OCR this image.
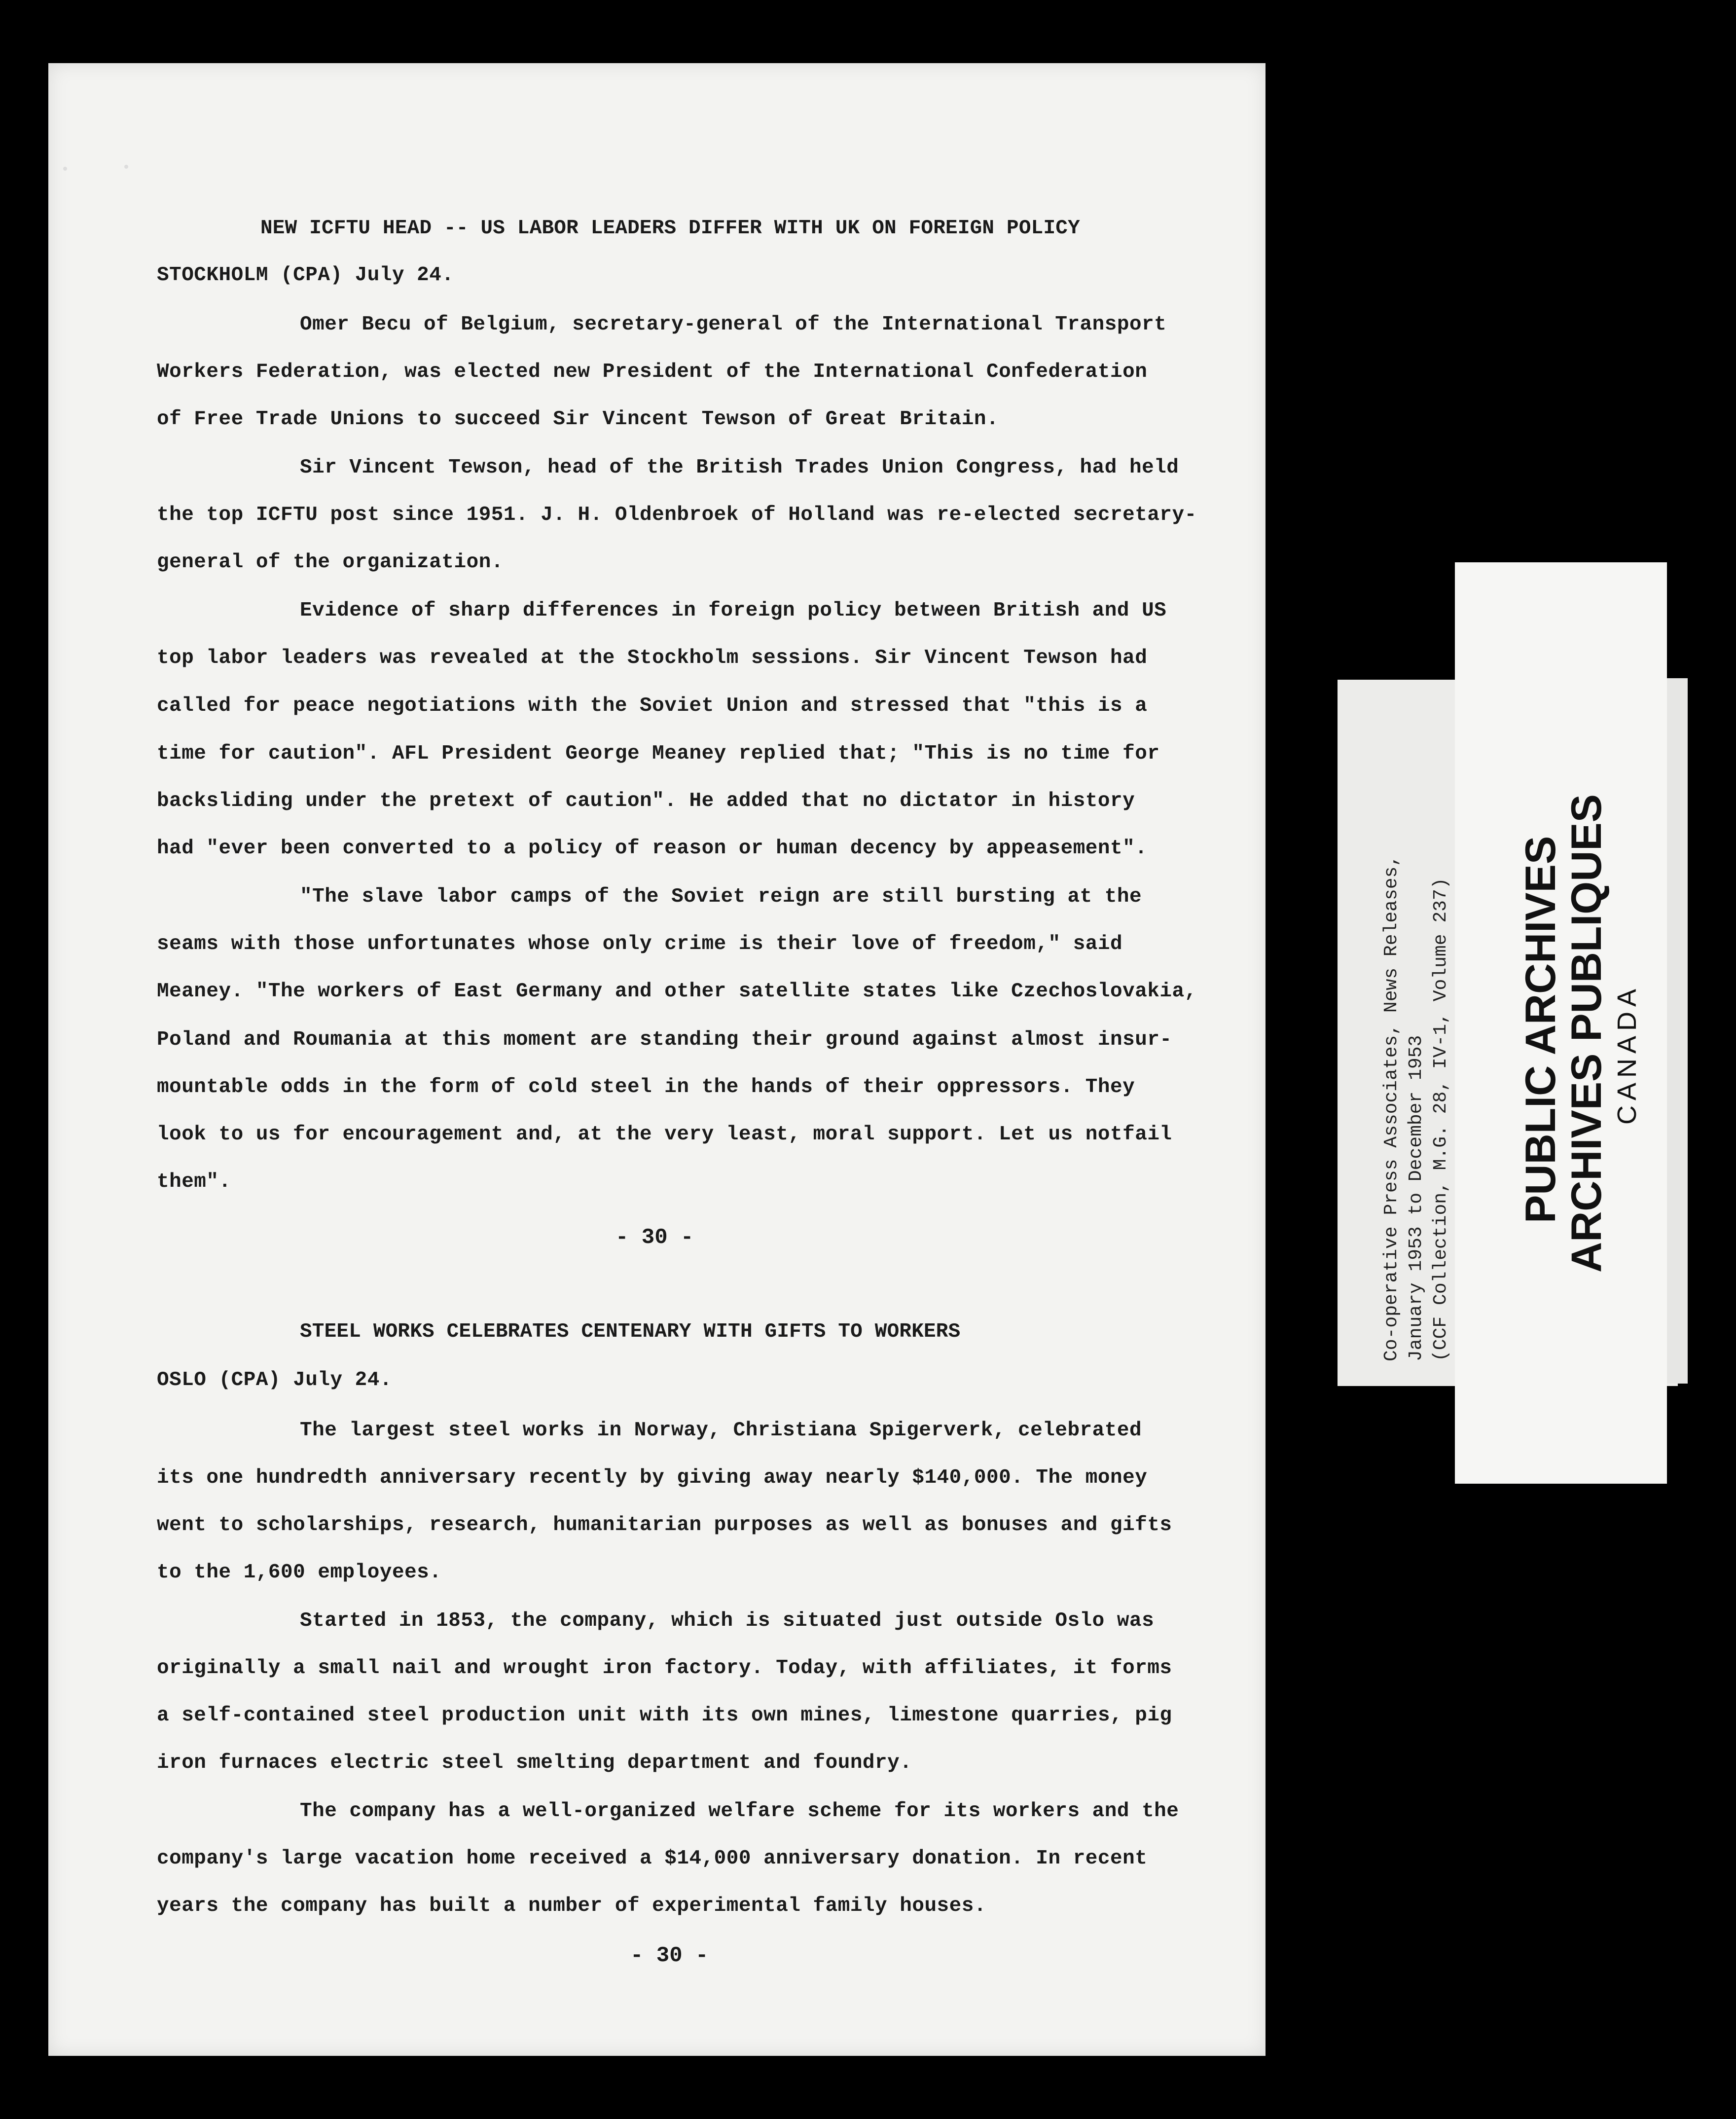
NEW ICFTU HEAD -- US LABOR LEADERS DIFFER WITH UK ON FOREIGN POLICY
STOCKHOLM (CPA) July 24.
Omer Becu of Belgium, secretary-general of the International Transport
Workers Federation, was elected new President of the International Confederation
of Free Trade Unions to succeed Sir Vincent Tewson of Great Britain.
Sir Vincent Tewson, head of the British Trades Union Congress, had held
the top ICFTU post since 1951. J. H. Oldenbroek of Holland was re-elected secretary-
general of the organization.
Evidence of sharp differences in foreign policy between British and US
top labor leaders was revealed at the Stockholm sessions. Sir Vincent Tewson had
called for peace negotiations with the Soviet Union and stressed that "this is a
time for caution". AFL President George Meaney replied that; "This is no time for
backsliding under the pretext of caution". He added that no dictator in history
had "ever been converted to a policy of reason or human decency by appeasement".
"The slave labor camps of the Soviet reign are still bursting at the
seams with those unfortunates whose only crime is their love of freedom," said
Meaney. "The workers of East Germany and other satellite states like Czechoslovakia,
Poland and Roumania at this moment are standing their ground against almost insur-
mountable odds in the form of cold steel in the hands of their oppressors. They
look to us for encouragement and, at the very least, moral support. Let us notfail
them".
- 30 -
STEEL WORKS CELEBRATES CENTENARY WITH GIFTS TO WORKERS
OSLO (CPA) July 24.
The largest steel works in Norway, Christiana Spigerverk, celebrated
its one hundredth anniversary recently by giving away nearly $140,000. The money
went to scholarships, research, humanitarian purposes as well as bonuses and gifts
to the 1,600 employees.
Started in 1853, the company, which is situated just outside Oslo was
originally a small nail and wrought iron factory. Today, with affiliates, it forms
a self-contained steel production unit with its own mines, limestone quarries, pig
iron furnaces electric steel smelting department and foundry.
The company has a well-organized welfare scheme for its workers and the
company's large vacation home received a $14,000 anniversary donation. In recent
years the company has built a number of experimental family houses.
- 30 -
Co-operative Press Associates, News Releases, January 1953 to December 1953 (CCF Collection, M.G. 28, IV-1, Volume 237) PUBLIC ARCHIVES
ARCHIVES PUBLIQUES CANADA
